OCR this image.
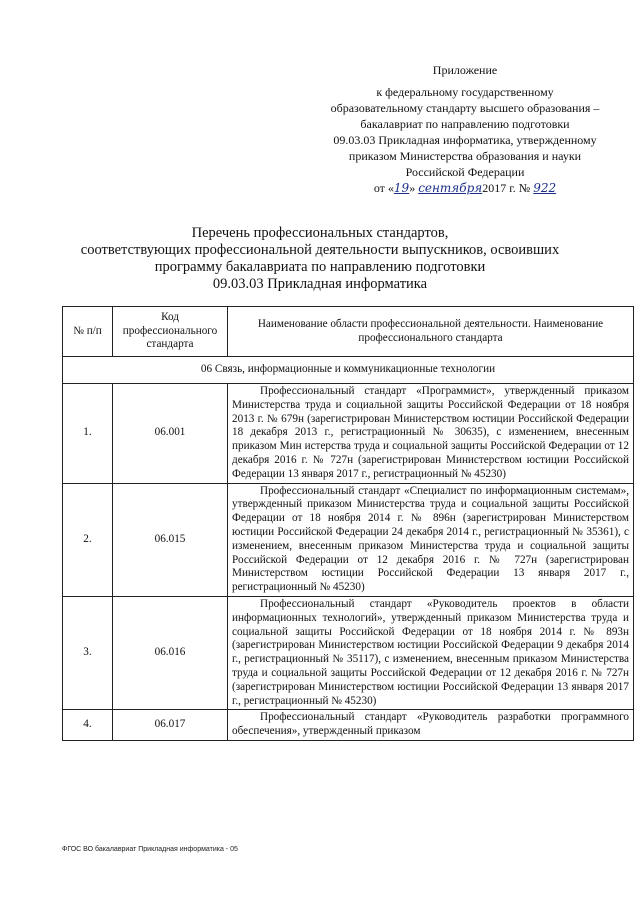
Приложение
к федеральному государственному
образовательному стандарту высшего образования –
бакалавриат по направлению подготовки
09.03.03 Прикладная информатика, утвержденному
приказом Министерства образования и науки
Российской Федерации
от «19» сентября2017 г. № 922
Перечень профессиональных стандартов,
соответствующих профессиональной деятельности выпускников, освоивших
программу бакалавриата по направлению подготовки
09.03.03 Прикладная информатика
№ п/п	Код профессионального стандарта	Наименование области профессиональной деятельности. Наименование профессионального стандарта
06 Связь, информационные и коммуникационные технологии		
1.	06.001	Профессиональный стандарт «Программист», утвержденный приказом Министерства труда и социальной защиты Российской Федерации от 18 ноября 2013 г. № 679н (зарегистрирован Министерством юстиции Российской Федерации 18 декабря 2013 г., регистрационный № 30635), с изменением, внесенным приказом Мин истерства труда и социальной защиты Российской Федерации от 12 декабря 2016 г. № 727н (зарегистрирован Министерством юстиции Российской Федерации 13 января 2017 г., регистрационный № 45230)
2.	06.015	Профессиональный стандарт «Специалист по информационным системам», утвержденный приказом Министерства труда и социальной защиты Российской Федерации от 18 ноября 2014 г. № 896н (зарегистрирован Министерством юстиции Российской Федерации 24 декабря 2014 г., регистрационный № 35361), с изменением, внесенным приказом Министерства труда и социальной защиты Российской Федерации от 12 декабря 2016 г. № 727н (зарегистрирован Министерством юстиции Российской Федерации 13 января 2017 г., регистрационный № 45230)
3.	06.016	Профессиональный стандарт «Руководитель проектов в области информационных технологий», утвержденный приказом Министерства труда и социальной защиты Российской Федерации от 18 ноября 2014 г. № 893н (зарегистрирован Министерством юстиции Российской Федерации 9 декабря 2014 г., регистрационный № 35117), с изменением, внесенным приказом Министерства труда и социальной защиты Российской Федерации от 12 декабря 2016 г. № 727н (зарегистрирован Министерством юстиции Российской Федерации 13 января 2017 г., регистрационный № 45230)
4.	06.017	Профессиональный стандарт «Руководитель разработки программного обеспечения», утвержденный приказом
ФГОС ВО бакалавриат Прикладная информатика - 05
